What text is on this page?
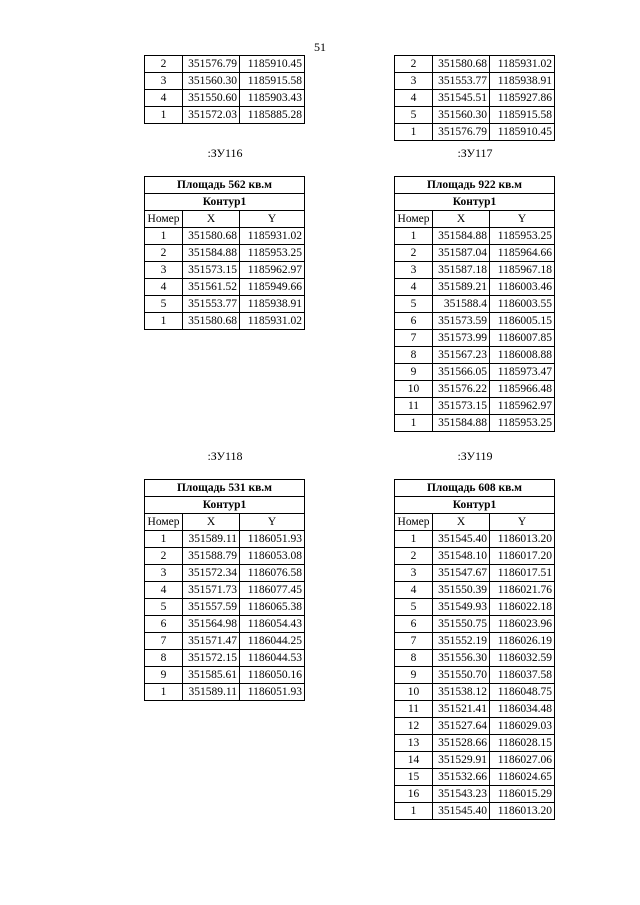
51
2	351576.79	1185910.45
3	351560.30	1185915.58
4	351550.60	1185903.43
1	351572.03	1185885.28
2	351580.68	1185931.02
3	351553.77	1185938.91
4	351545.51	1185927.86
5	351560.30	1185915.58
1	351576.79	1185910.45
:ЗУ116	:ЗУ117
Площадь 562 кв.м		
Контур1		
Номер	X	Y
1	351580.68	1185931.02
2	351584.88	1185953.25
3	351573.15	1185962.97
4	351561.52	1185949.66
5	351553.77	1185938.91
1	351580.68	1185931.02
Площадь 922 кв.м		
Контур1		
Номер	X	Y
1	351584.88	1185953.25
2	351587.04	1185964.66
3	351587.18	1185967.18
4	351589.21	1186003.46
5	351588.4	1186003.55
6	351573.59	1186005.15
7	351573.99	1186007.85
8	351567.23	1186008.88
9	351566.05	1185973.47
10	351576.22	1185966.48
11	351573.15	1185962.97
1	351584.88	1185953.25
:ЗУ118	:ЗУ119
Площадь 531 кв.м		
Контур1		
Номер	X	Y
1	351589.11	1186051.93
2	351588.79	1186053.08
3	351572.34	1186076.58
4	351571.73	1186077.45
5	351557.59	1186065.38
6	351564.98	1186054.43
7	351571.47	1186044.25
8	351572.15	1186044.53
9	351585.61	1186050.16
1	351589.11	1186051.93
Площадь 608 кв.м		
Контур1		
Номер	X	Y
1	351545.40	1186013.20
2	351548.10	1186017.20
3	351547.67	1186017.51
4	351550.39	1186021.76
5	351549.93	1186022.18
6	351550.75	1186023.96
7	351552.19	1186026.19
8	351556.30	1186032.59
9	351550.70	1186037.58
10	351538.12	1186048.75
11	351521.41	1186034.48
12	351527.64	1186029.03
13	351528.66	1186028.15
14	351529.91	1186027.06
15	351532.66	1186024.65
16	351543.23	1186015.29
1	351545.40	1186013.20
